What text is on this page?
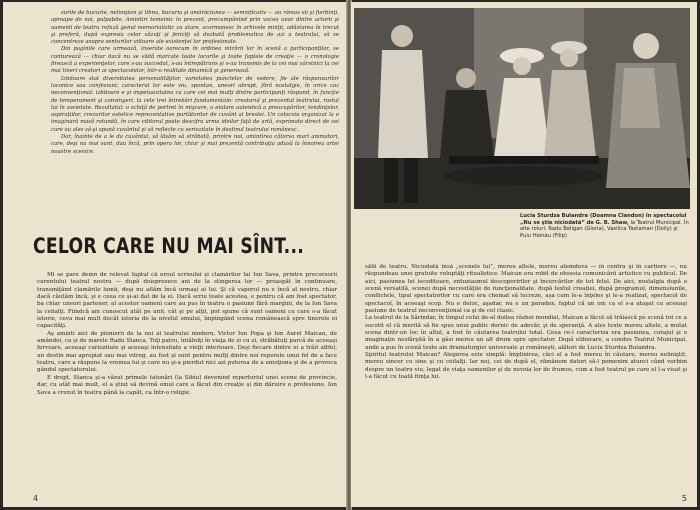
surile de bucurie, nelinişten şi tihna, bucuria şi amărăciunea — semnificativ — au rămas vii şi fierbinţi, aproape de noi, palpabile. Amintiri temeinic în prezent, precumpănind prin vocea unor dintre actorii şi oamenii de teatru refuză genul memorialistic ca atare, scormonesc în arhivele minţii, adăstarea în trecut şi preferă, după expresia celor văzuţi şi fericiţi să dezbată problematica de azi a teatrului, să se concentreze asupra senturilor viitoare ale existenţei lor profesionale.

Din paginile care urmează, inserate oarecum în ordinea intrării lor în scenă a participanţilor, se conturează — chiar dacă nu se vădă marcate toate locurile şi toate faptele de creaţie — o cronologie firească a experienţelor, care s-au succedat, s-au întrepătruns şi s-au transmis de la cei mai vârstnici la cei mai tineri creatori ai spectacolelor, într-o realitate dinamică şi generoasă.

Izbitoare stat diversitatea personalităţilor, varietatea punctelor de vedere, fie ale răspunsurilor laconice sau confesiuni; caracterul lor este viu, spontan, uneori abrupt, fără nostalgie, în orice caz neconvenţional: izbitoare e şi impetuozitatea cu care cei mai mulţi dintre participanţi răspund, în funcţie de temperament şi convingeri, la cele trei întrebări fundamentale: creatorul şi prezentul teatrului, rostul lui în societate. Rezultatul: o schiţă de portret în mişcare, o etalare autentică a preocupărilor, tendinţelor, aspiraţiilor, crezurilor estetice reprezentative purtătorilor de cuvânt ai breslei. Un colocviu organizat la o imaginară masă rotundă, în care cititorul poate descifra urma ideilor faţă de artă, exprimate direct de cei care au ales să-şi spună cuvântul şi să reflecte cu seriozitate în destinul teatrului românesc.

Dar, înainte de a le da cuvântul, să lăsăm să străbată, printre noi, amintirea câtorva mari animatori, care, deşi nu mai sunt, dau încă, prin opera lor, chiar şi mai prezentă contribuţia adusă la înnoirea artei noastre scenice.

CELOR CARE NU MAI SÎNT...

Mi se pare demn de relevat faptul că eroul scrisului şi clamărilor lui Ion Sava, printre precursorii curentului teatral nostru — după doisprezece ani de la stingerea lor — proaspăt în continuare, transmiţând clamările lumii, deşi nu aflăm încă urmaşi ai lui. Şi că vaporul nu e încă al nostru, chiar dacă căutăm încă, şi e ceea ce şi-ai dat de la ei. Dacă scriu toate acestea, e pentru că am fost spectator, ba chiar uneori partener, al acestor oameni care au pus în teatru o pasiune fără margini, de la Ion Sava la ceilalţi. Fiindcă am cunoscut atât pe unii, cât şi pe alţii, pot spune că sunt oameni cu care s-a făcut istorie, ceva mai mult decât istoria de la nivelul omului, împingând scena românească spre tinerele ei capacităţi.

Aş aminti aici de pionierii de la noi ai teatrului modern, Victor Ion Popa şi Ion Aurel Maican, de amândoi, ca şi de marele Radu Stanca. Toţi patru, întâlniţi în viaţa de zi cu zi, străbătuţi parcă de aceeaşi fervoare, aceeaşi curiozitate şi aceeaşi intensitate a vieţii interioare. Deşi fiecare dintre ei a trăit altfel, un destin mai apropiat sau mai vitreg, au fost şi sunt pentru mulţi dintre noi reperele unui fel de a face teatru, care a răspuns la vremea lui şi care nu şi-a pierdut nici azi puterea de a emoţiona şi de a provoca gândul spectatorului.

E drept, Stanca şi-a văzut primele tatonări (la Sibiu) devenind repertoriul unei scene de provincie, dar, cu atât mai mult, el a ştiut să devină omul care a făcut din creaţie şi din dăruire o profesiune. Ion Sava a crezut în teatru până la capăt, ca într-o religie.

4
Lucia Sturdza Bulandra (Doamna Clandon) în spectacolul „Nu se ştie niciodată” de G. B. Shaw, la Teatrul Municipal. În alte roluri: Radu Beligan (Gloria), Vasilica Tastaman (Dolly) şi Puiu Hoinău (Filip)

sălii de teatru. Niciodată însă „scenele lui”, mereu altele, mereu atemdeva — în centru şi în cartiere —, nu răspundeau unei gratuite voluptăţi ritualistice. Maican era robit de obsesia comunicării artistice cu publicul. De aici, pasiunea lui iscoditoare, entuziasmul descoperirilor şi încercărilor de tot felul. De aici, nostalgia după o scenă versatilă, scenei după necesităţile de funcţionalitate, după textul creaţiei, după programul, dimensiunile, conflictele, tipul spectatorilor cu care era chemat să lucreze, aşa cum le-a înţeles şi le-a realizat, spectacol de spectacol, în aceeaşi scop. Nu e deloc, aşadar, nu e un paradox, faptul că un om ca el s-a ataşat cu aceeaşi pasiune de teatrul neconvenţional ca şi de cel clasic.

La teatrul de la Sărindar, în timpul celui de-al doilea război mondial, Maican a făcut să trăiască pe scenă tot ce a socotit el că merită să fie spus unui public dornic de adevăr, şi de speranţă. A ales texte mereu altele, a mutat scena dintr-un loc în altul, a fost în căutarea teatrului total. Ceea ce-l caracteriza era pasiunea, curajul şi o imaginaţie nesfârşită în a găsi mereu un alt drum spre spectator. După eliberare, a condus Teatrul Municipal, unde a pus în scenă texte ale dramaturgiei universale şi româneşti, alături de Lucia Sturdza Bulandra.

Spiritul teatrului Maican? Alegerea este simplă: împlinirea, căci el a fost mereu în căutare, mereu neliniştit, mereu sincer cu sine şi cu ceilalţi. Iar noi, cei de după el, rămânem datori să-l pomenim atunci când vorbim despre un teatru viu, legat de viaţa oamenilor şi de nevoia lor de frumos, cum a fost teatrul pe care el l-a visat şi l-a făcut cu toată fiinţa lui.

5
